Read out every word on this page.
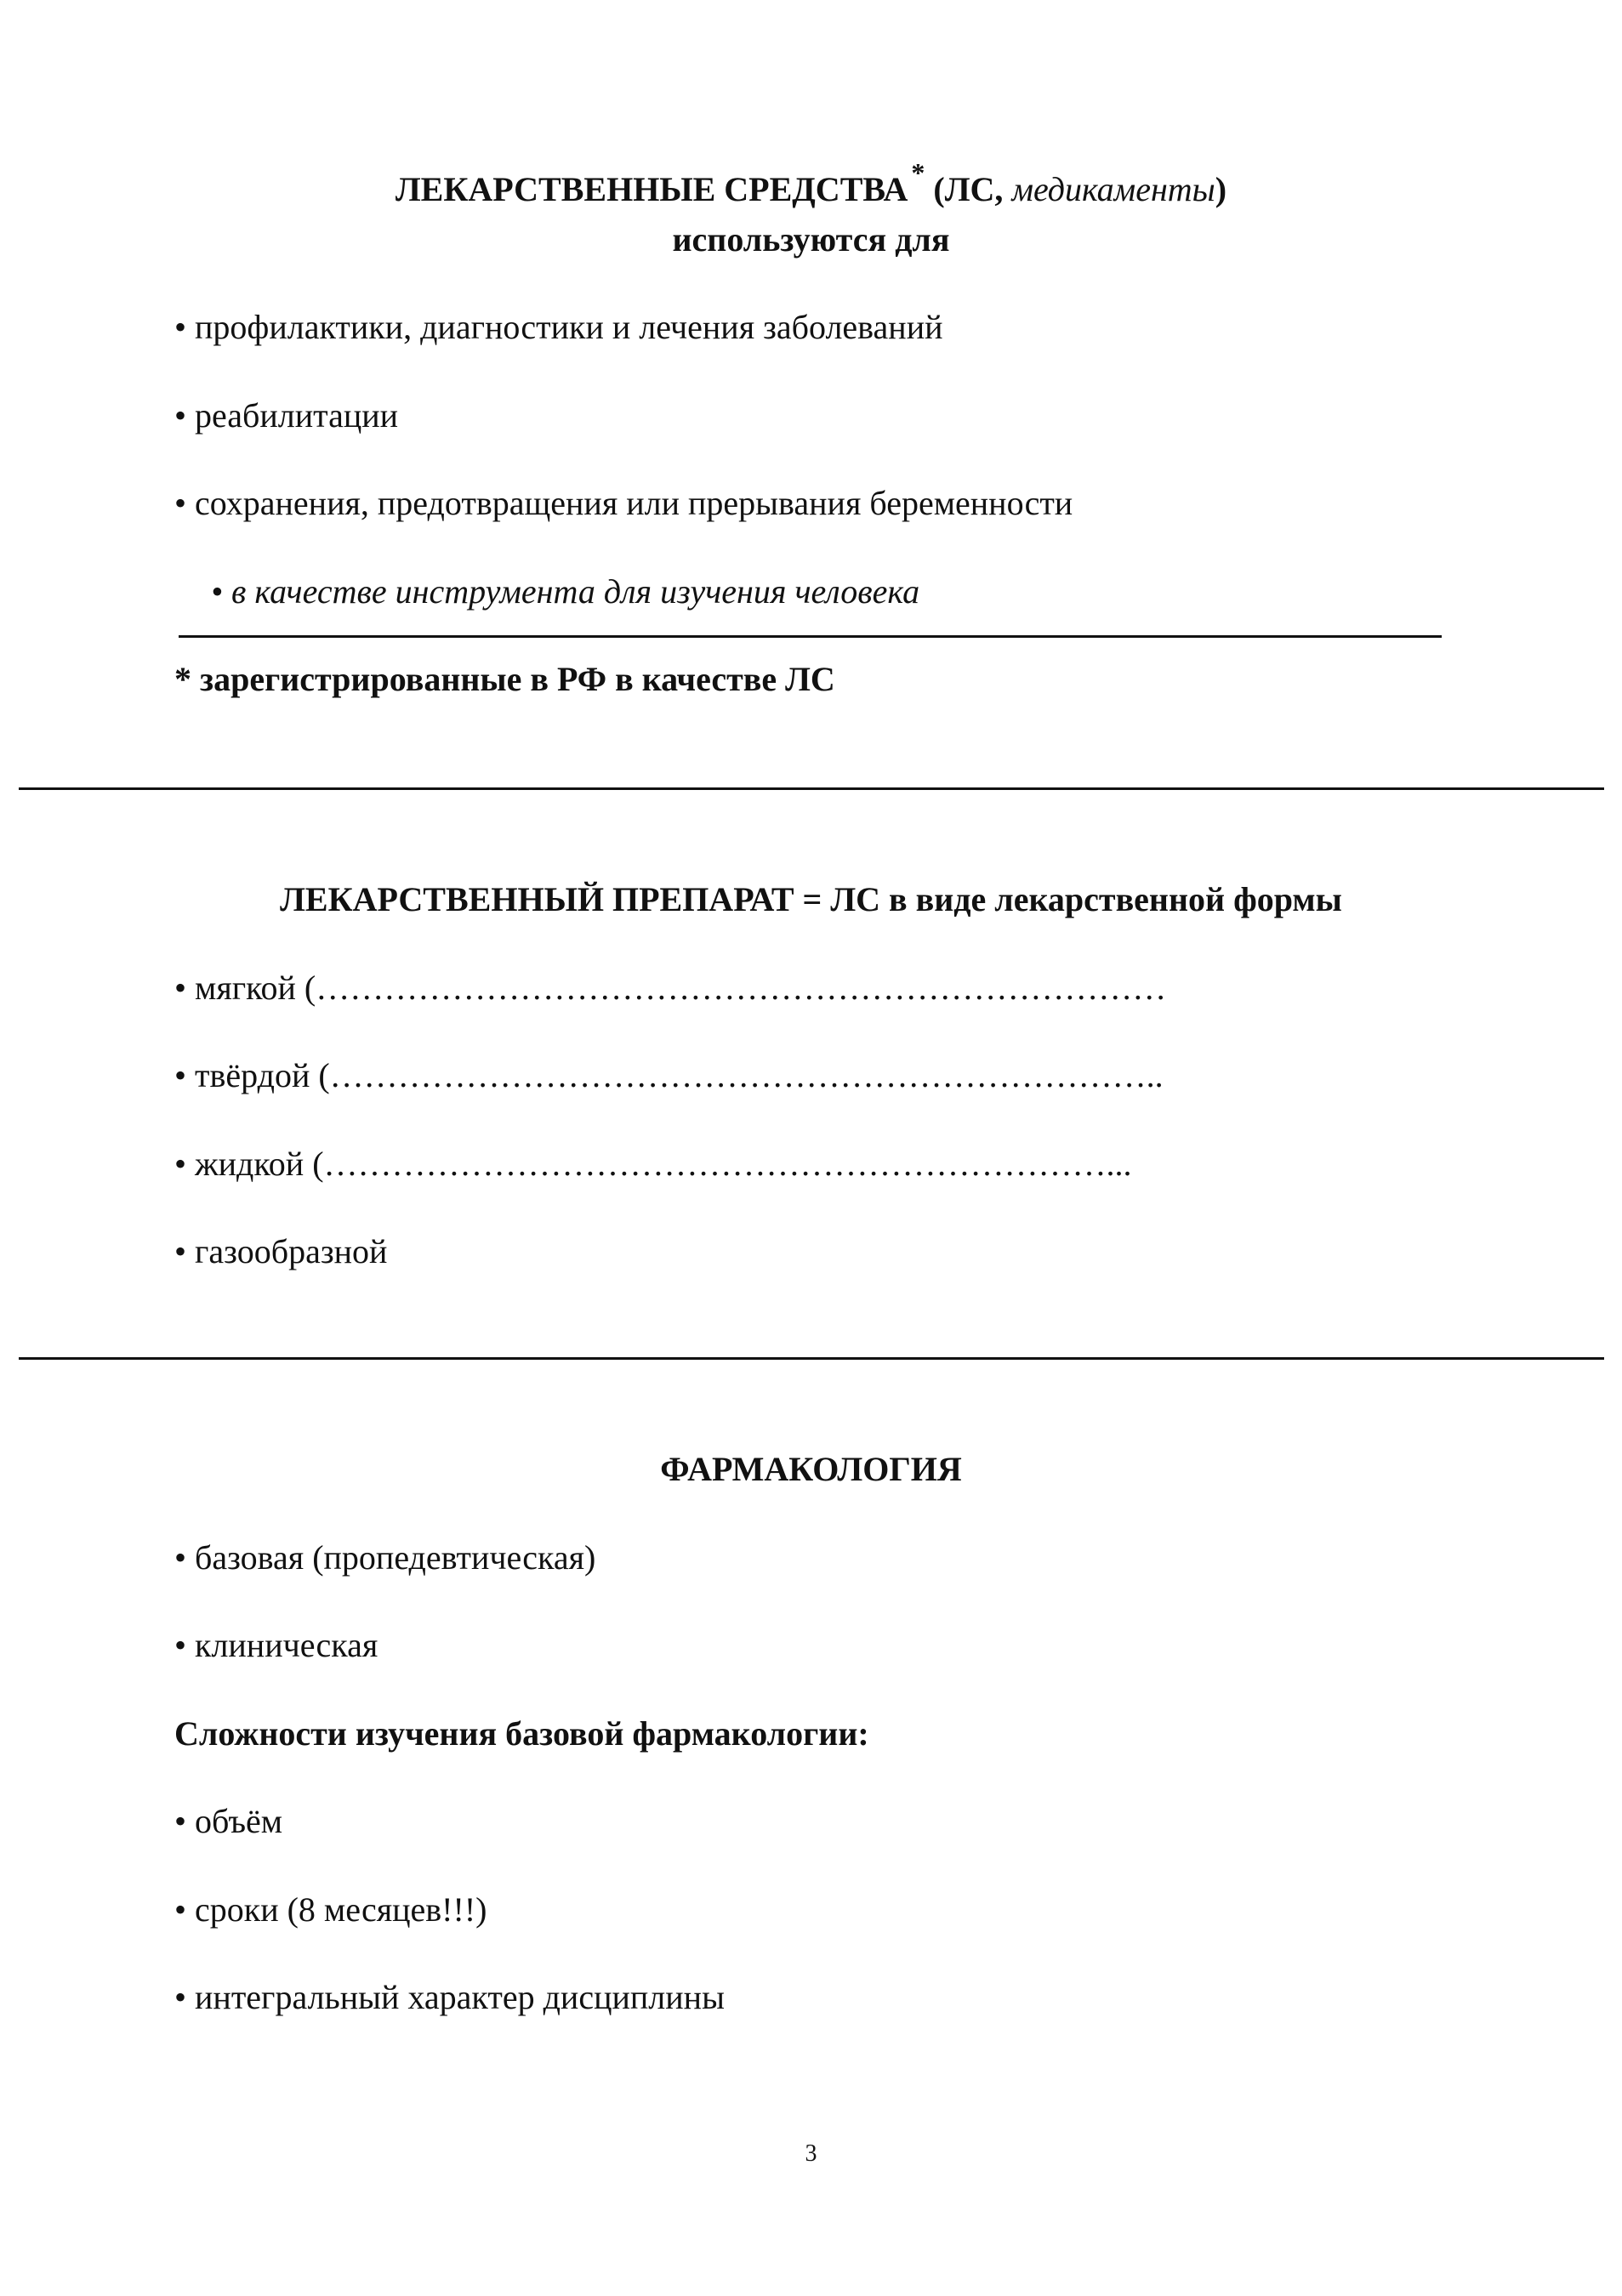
ЛЕКАРСТВЕННЫЕ СРЕДСТВА * (ЛС, медикаменты)
используются для
• профилактики, диагностики и лечения заболеваний
• реабилитации
• сохранения, предотвращения или прерывания беременности
• в качестве инструмента для изучения человека
* зарегистрированные в РФ в качестве ЛС
ЛЕКАРСТВЕННЫЙ ПРЕПАРАТ = ЛС в виде лекарственной формы
• мягкой (…………………………………………………………………
• твёрдой (………………………………………………………………..
• жидкой (……………………………………………………………...
• газообразной
ФАРМАКОЛОГИЯ
• базовая (пропедевтическая)
• клиническая
Сложности изучения базовой фармакологии:
• объём
• сроки (8 месяцев!!!)
• интегральный характер дисциплины
3
